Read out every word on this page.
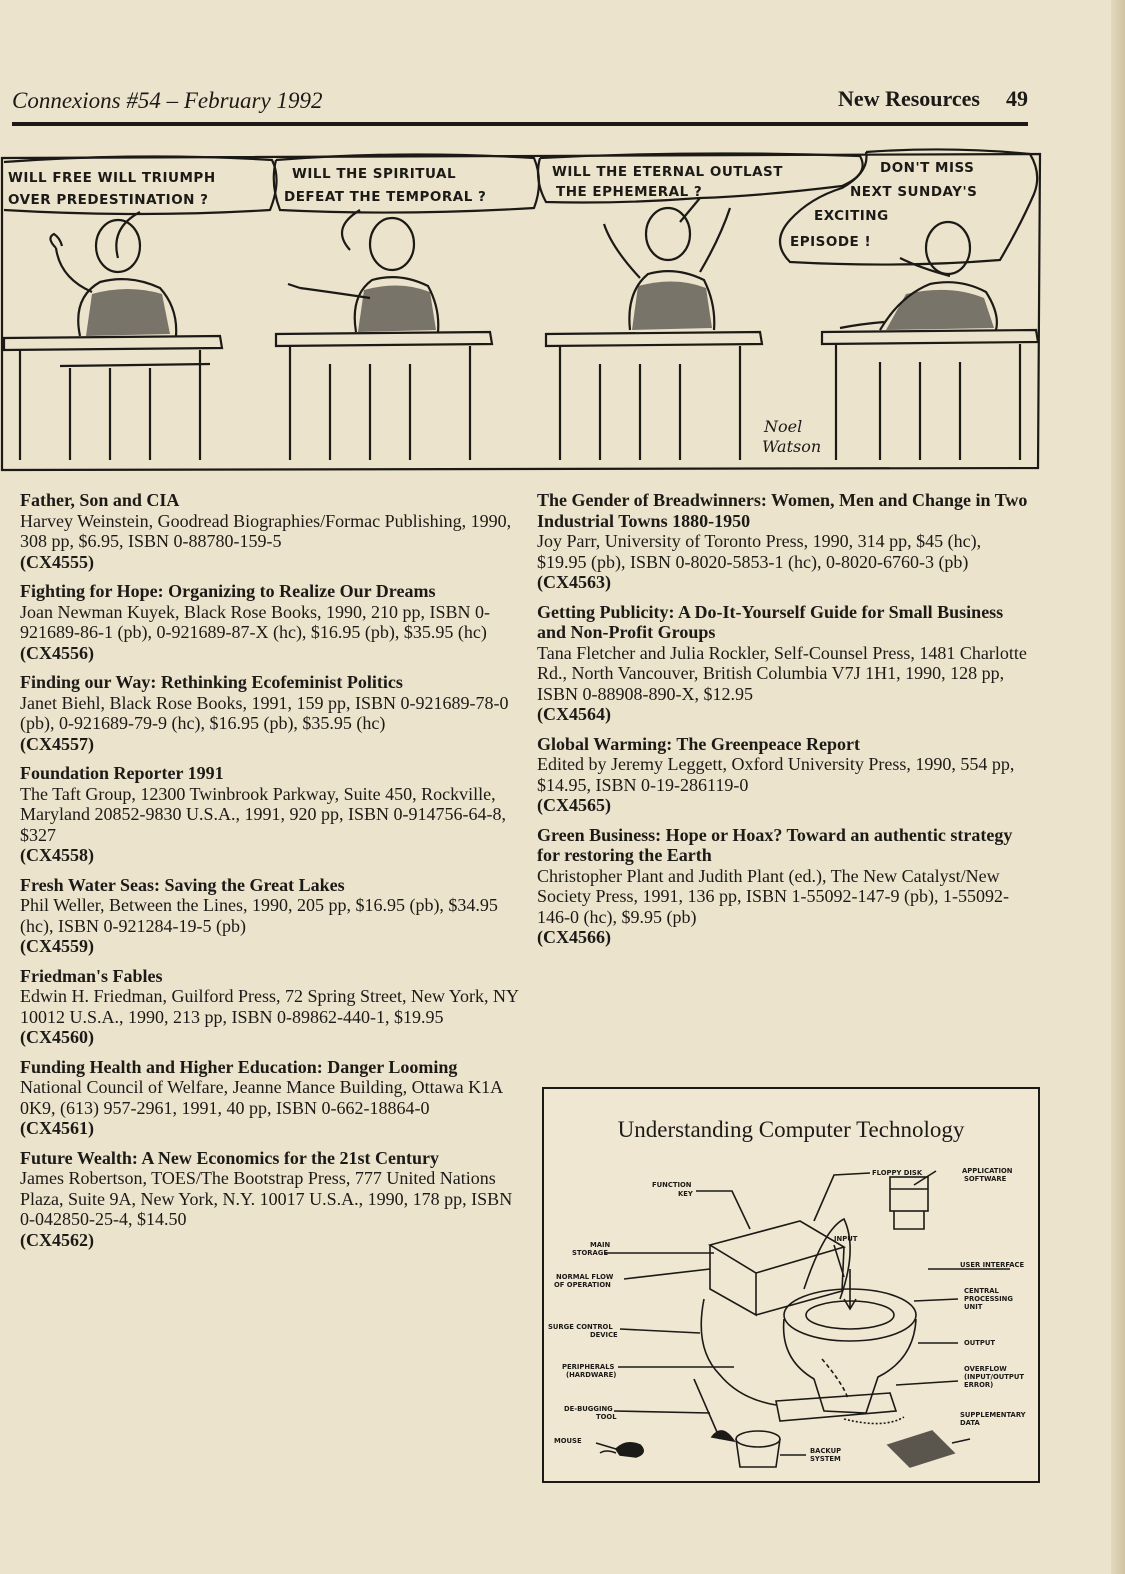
Connexions #54 – February 1992	New Resources 49
WILL FREE WILL TRIUMPH
OVER PREDESTINATION ?
WILL THE SPIRITUAL
DEFEAT THE TEMPORAL ?
WILL THE ETERNAL OUTLAST
THE EPHEMERAL ?
DON'T MISS
NEXT SUNDAY'S
EXCITING
EPISODE !
Noel
Watson
Father, Son and CIA
Harvey Weinstein, Goodread Biographies/Formac Publishing, 1990, 308 pp, $6.95, ISBN 0-88780-159-5
(CX4555)
Fighting for Hope: Organizing to Realize Our Dreams
Joan Newman Kuyek, Black Rose Books, 1990, 210 pp, ISBN 0-921689-86-1 (pb), 0-921689-87-X (hc), $16.95 (pb), $35.95 (hc)
(CX4556)
Finding our Way: Rethinking Ecofeminist Politics
Janet Biehl, Black Rose Books, 1991, 159 pp, ISBN 0-921689-78-0 (pb), 0-921689-79-9 (hc), $16.95 (pb), $35.95 (hc)
(CX4557)
Foundation Reporter 1991
The Taft Group, 12300 Twinbrook Parkway, Suite 450, Rockville, Maryland 20852-9830 U.S.A., 1991, 920 pp, ISBN 0-914756-64-8, $327
(CX4558)
Fresh Water Seas: Saving the Great Lakes
Phil Weller, Between the Lines, 1990, 205 pp, $16.95 (pb), $34.95 (hc), ISBN 0-921284-19-5 (pb)
(CX4559)
Friedman's Fables
Edwin H. Friedman, Guilford Press, 72 Spring Street, New York, NY 10012 U.S.A., 1990, 213 pp, ISBN 0-89862-440-1, $19.95
(CX4560)
Funding Health and Higher Education: Danger Looming
National Council of Welfare, Jeanne Mance Building, Ottawa K1A 0K9, (613) 957-2961, 1991, 40 pp, ISBN 0-662-18864-0
(CX4561)
Future Wealth: A New Economics for the 21st Century
James Robertson, TOES/The Bootstrap Press, 777 United Nations Plaza, Suite 9A, New York, N.Y. 10017 U.S.A., 1990, 178 pp, ISBN 0-042850-25-4, $14.50
(CX4562)
The Gender of Breadwinners: Women, Men and Change in Two Industrial Towns 1880-1950
Joy Parr, University of Toronto Press, 1990, 314 pp, $45 (hc), $19.95 (pb), ISBN 0-8020-5853-1 (hc), 0-8020-6760-3 (pb)
(CX4563)
Getting Publicity: A Do-It-Yourself Guide for Small Business and Non-Profit Groups
Tana Fletcher and Julia Rockler, Self-Counsel Press, 1481 Charlotte Rd., North Vancouver, British Columbia V7J 1H1, 1990, 128 pp, ISBN 0-88908-890-X, $12.95
(CX4564)
Global Warming: The Greenpeace Report
Edited by Jeremy Leggett, Oxford University Press, 1990, 554 pp, $14.95, ISBN 0-19-286119-0
(CX4565)
Green Business: Hope or Hoax? Toward an authentic strategy for restoring the Earth
Christopher Plant and Judith Plant (ed.), The New Catalyst/New Society Press, 1991, 136 pp, ISBN 1-55092-147-9 (pb), 1-55092-146-0 (hc), $9.95 (pb)
(CX4566)
Understanding Computer Technology
FUNCTION
KEY
FLOPPY DISK	APPLICATION
SOFTWARE
INPUT
MAIN
STORAGE
USER INTERFACE
NORMAL FLOW
OF OPERATION
CENTRAL
PROCESSING
UNIT
SURGE CONTROL
DEVICE
OUTPUT
PERIPHERALS
(HARDWARE)
OVERFLOW
(INPUT/OUTPUT
ERROR)
DE-BUGGING
TOOL	SUPPLEMENTARY
DATA
MOUSE
BACKUP
SYSTEM
